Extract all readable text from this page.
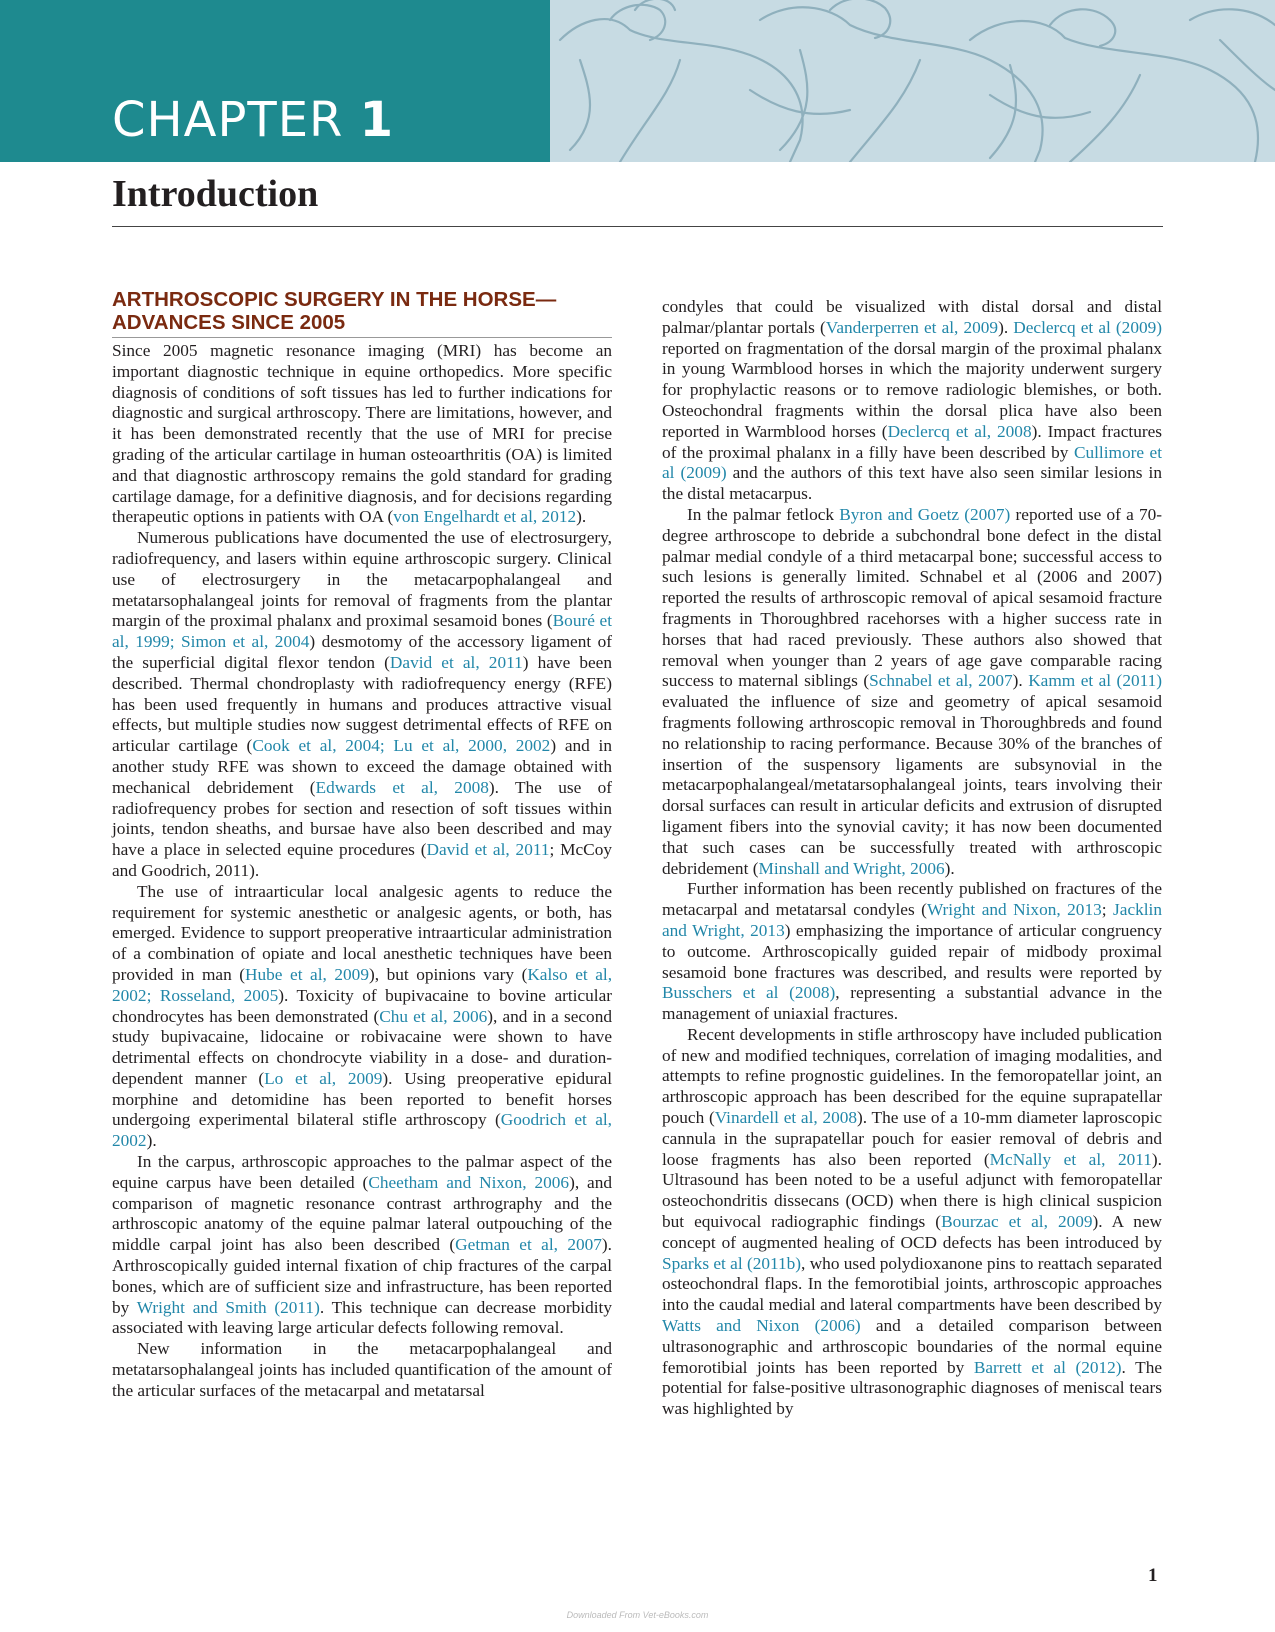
CHAPTER 1
Introduction
ARTHROSCOPIC SURGERY IN THE HORSE—ADVANCES SINCE 2005

Since 2005 magnetic resonance imaging (MRI) has become an important diagnostic technique in equine orthopedics. More specific diagnosis of conditions of soft tissues has led to further indications for diagnostic and surgical arthroscopy. There are limitations, however, and it has been demonstrated recently that the use of MRI for precise grading of the articular cartilage in human osteoarthritis (OA) is limited and that diagnostic arthroscopy remains the gold standard for grading cartilage damage, for a definitive diagnosis, and for decisions regarding therapeutic options in patients with OA (von Engelhardt et al, 2012).

Numerous publications have documented the use of electrosurgery, radiofrequency, and lasers within equine arthroscopic surgery. Clinical use of electrosurgery in the metacarpophalangeal and metatarsophalangeal joints for removal of fragments from the plantar margin of the proximal phalanx and proximal sesamoid bones (Bouré et al, 1999; Simon et al, 2004) desmotomy of the accessory ligament of the superficial digital flexor tendon (David et al, 2011) have been described. Thermal chondroplasty with radiofrequency energy (RFE) has been used frequently in humans and produces attractive visual effects, but multiple studies now suggest detrimental effects of RFE on articular cartilage (Cook et al, 2004; Lu et al, 2000, 2002) and in another study RFE was shown to exceed the damage obtained with mechanical debridement (Edwards et al, 2008). The use of radiofrequency probes for section and resection of soft tissues within joints, tendon sheaths, and bursae have also been described and may have a place in selected equine procedures (David et al, 2011; McCoy and Goodrich, 2011).

The use of intraarticular local analgesic agents to reduce the requirement for systemic anesthetic or analgesic agents, or both, has emerged. Evidence to support preoperative intraarticular administration of a combination of opiate and local anesthetic techniques have been provided in man (Hube et al, 2009), but opinions vary (Kalso et al, 2002; Rosseland, 2005). Toxicity of bupivacaine to bovine articular chondrocytes has been demonstrated (Chu et al, 2006), and in a second study bupivacaine, lidocaine or robivacaine were shown to have detrimental effects on chondrocyte viability in a dose- and duration-dependent manner (Lo et al, 2009). Using preoperative epidural morphine and detomidine has been reported to benefit horses undergoing experimental bilateral stifle arthroscopy (Goodrich et al, 2002).

In the carpus, arthroscopic approaches to the palmar aspect of the equine carpus have been detailed (Cheetham and Nixon, 2006), and comparison of magnetic resonance contrast arthrography and the arthroscopic anatomy of the equine palmar lateral outpouching of the middle carpal joint has also been described (Getman et al, 2007). Arthroscopically guided internal fixation of chip fractures of the carpal bones, which are of sufficient size and infrastructure, has been reported by Wright and Smith (2011). This technique can decrease morbidity associated with leaving large articular defects following removal.

New information in the metacarpophalangeal and metatarsophalangeal joints has included quantification of the amount of the articular surfaces of the metacarpal and metatarsal

condyles that could be visualized with distal dorsal and distal palmar/plantar portals (Vanderperren et al, 2009). Declercq et al (2009) reported on fragmentation of the dorsal margin of the proximal phalanx in young Warmblood horses in which the majority underwent surgery for prophylactic reasons or to remove radiologic blemishes, or both. Osteochondral fragments within the dorsal plica have also been reported in Warmblood horses (Declercq et al, 2008). Impact fractures of the proximal phalanx in a filly have been described by Cullimore et al (2009) and the authors of this text have also seen similar lesions in the distal metacarpus.

In the palmar fetlock Byron and Goetz (2007) reported use of a 70-degree arthroscope to debride a subchondral bone defect in the distal palmar medial condyle of a third metacarpal bone; successful access to such lesions is generally limited. Schnabel et al (2006 and 2007) reported the results of arthroscopic removal of apical sesamoid fracture fragments in Thoroughbred racehorses with a higher success rate in horses that had raced previously. These authors also showed that removal when younger than 2 years of age gave comparable racing success to maternal siblings (Schnabel et al, 2007). Kamm et al (2011) evaluated the influence of size and geometry of apical sesamoid fragments following arthroscopic removal in Thoroughbreds and found no relationship to racing performance. Because 30% of the branches of insertion of the suspensory ligaments are subsynovial in the metacarpophalangeal/metatarsophalangeal joints, tears involving their dorsal surfaces can result in articular deficits and extrusion of disrupted ligament fibers into the synovial cavity; it has now been documented that such cases can be successfully treated with arthroscopic debridement (Minshall and Wright, 2006).

Further information has been recently published on fractures of the metacarpal and metatarsal condyles (Wright and Nixon, 2013; Jacklin and Wright, 2013) emphasizing the importance of articular congruency to outcome. Arthroscopically guided repair of midbody proximal sesamoid bone fractures was described, and results were reported by Busschers et al (2008), representing a substantial advance in the management of uniaxial fractures.

Recent developments in stifle arthroscopy have included publication of new and modified techniques, correlation of imaging modalities, and attempts to refine prognostic guidelines. In the femoropatellar joint, an arthroscopic approach has been described for the equine suprapatellar pouch (Vinardell et al, 2008). The use of a 10-mm diameter laproscopic cannula in the suprapatellar pouch for easier removal of debris and loose fragments has also been reported (McNally et al, 2011). Ultrasound has been noted to be a useful adjunct with femoropatellar osteochondritis dissecans (OCD) when there is high clinical suspicion but equivocal radiographic findings (Bourzac et al, 2009). A new concept of augmented healing of OCD defects has been introduced by Sparks et al (2011b), who used polydioxanone pins to reattach separated osteochondral flaps. In the femorotibial joints, arthroscopic approaches into the caudal medial and lateral compartments have been described by Watts and Nixon (2006) and a detailed comparison between ultrasonographic and arthroscopic boundaries of the normal equine femorotibial joints has been reported by Barrett et al (2012). The potential for false-positive ultrasonographic diagnoses of meniscal tears was highlighted by

1
Downloaded From Vet-eBooks.com
